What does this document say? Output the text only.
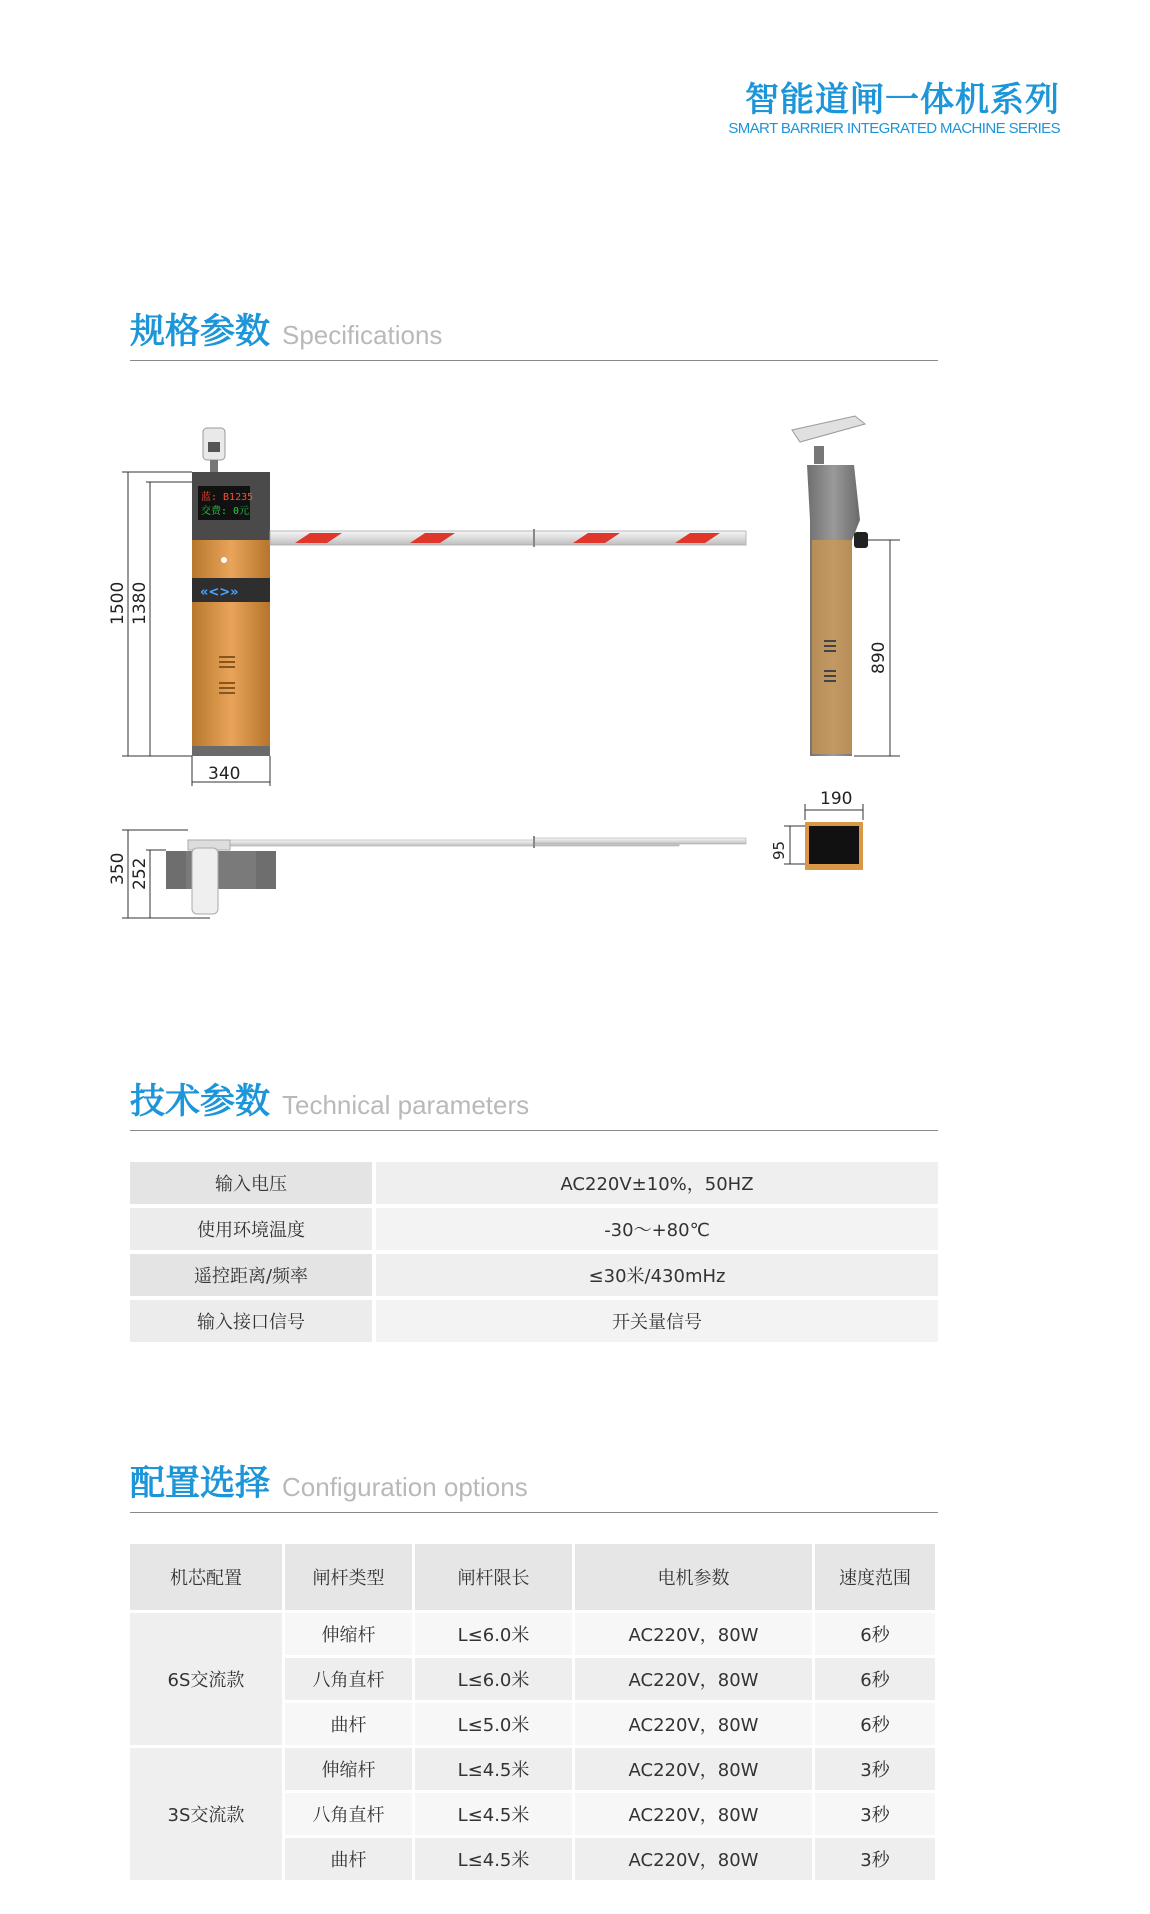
智能道闸一体机系列
SMART BARRIER INTEGRATED MACHINE SERIES
规格参数 Specifications
蓝: B1235
交费: 0元
«<>»
1500 1380
340
890
350 252
190
95
技术参数 Technical parameters
输入电压	AC220V±10%，50HZ
使用环境温度	-30～+80℃
遥控距离/频率	≤30米/430mHz
输入接口信号	开关量信号
配置选择 Configuration options
机芯配置	闸杆类型	闸杆限长	电机参数	速度范围
6S交流款	伸缩杆	L≤6.0米	AC220V，80W	6秒
	八角直杆	L≤6.0米	AC220V，80W	6秒
	曲杆	L≤5.0米	AC220V，80W	6秒
3S交流款	伸缩杆	L≤4.5米	AC220V，80W	3秒
	八角直杆	L≤4.5米	AC220V，80W	3秒
	曲杆	L≤4.5米	AC220V，80W	3秒
